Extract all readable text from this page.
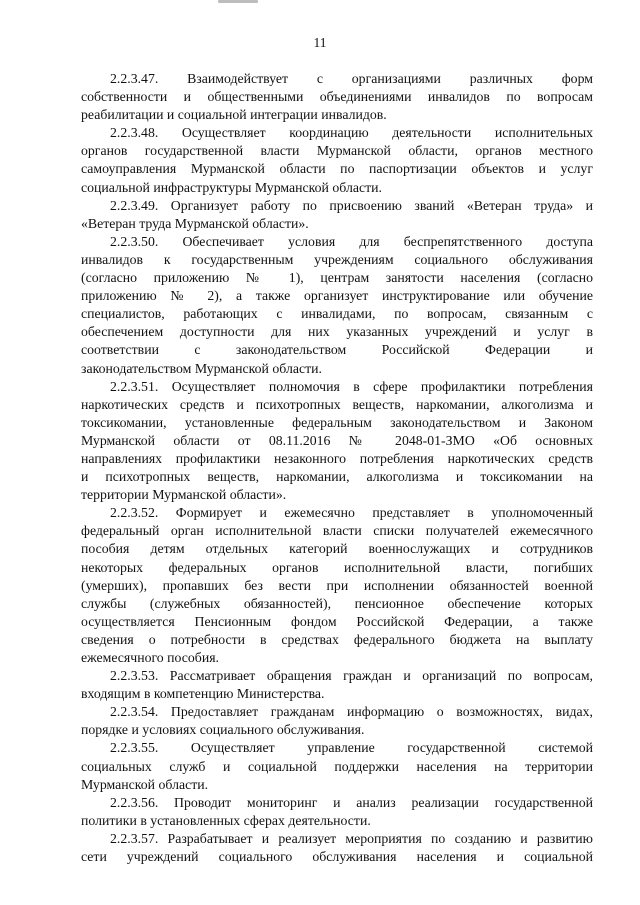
11

2.2.3.47. Взаимодействует с организациями различных форм
собственности и общественными объединениями инвалидов по вопросам
реабилитации и социальной интеграции инвалидов.

2.2.3.48. Осуществляет координацию деятельности исполнительных
органов государственной власти Мурманской области, органов местного
самоуправления Мурманской области по паспортизации объектов и услуг
социальной инфраструктуры Мурманской области.

2.2.3.49. Организует работу по присвоению званий «Ветеран труда» и
«Ветеран труда Мурманской области».

2.2.3.50. Обеспечивает условия для беспрепятственного доступа
инвалидов к государственным учреждениям социального обслуживания
(согласно приложению № 1), центрам занятости населения (согласно
приложению № 2), а также организует инструктирование или обучение
специалистов, работающих с инвалидами, по вопросам, связанным с
обеспечением доступности для них указанных учреждений и услуг в
соответствии с законодательством Российской Федерации и
законодательством Мурманской области.

2.2.3.51. Осуществляет полномочия в сфере профилактики потребления
наркотических средств и психотропных веществ, наркомании, алкоголизма и
токсикомании, установленные федеральным законодательством и Законом
Мурманской области от 08.11.2016 № 2048-01-ЗМО «Об основных
направлениях профилактики незаконного потребления наркотических средств
и психотропных веществ, наркомании, алкоголизма и токсикомании на
территории Мурманской области».

2.2.3.52. Формирует и ежемесячно представляет в уполномоченный
федеральный орган исполнительной власти списки получателей ежемесячного
пособия детям отдельных категорий военнослужащих и сотрудников
некоторых федеральных органов исполнительной власти, погибших
(умерших), пропавших без вести при исполнении обязанностей военной
службы (служебных обязанностей), пенсионное обеспечение которых
осуществляется Пенсионным фондом Российской Федерации, а также
сведения о потребности в средствах федерального бюджета на выплату
ежемесячного пособия.

2.2.3.53. Рассматривает обращения граждан и организаций по вопросам,
входящим в компетенцию Министерства.

2.2.3.54. Предоставляет гражданам информацию о возможностях, видах,
порядке и условиях социального обслуживания.

2.2.3.55. Осуществляет управление государственной системой
социальных служб и социальной поддержки населения на территории
Мурманской области.

2.2.3.56. Проводит мониторинг и анализ реализации государственной
политики в установленных сферах деятельности.

2.2.3.57. Разрабатывает и реализует мероприятия по созданию и развитию
сети учреждений социального обслуживания населения и социальной
